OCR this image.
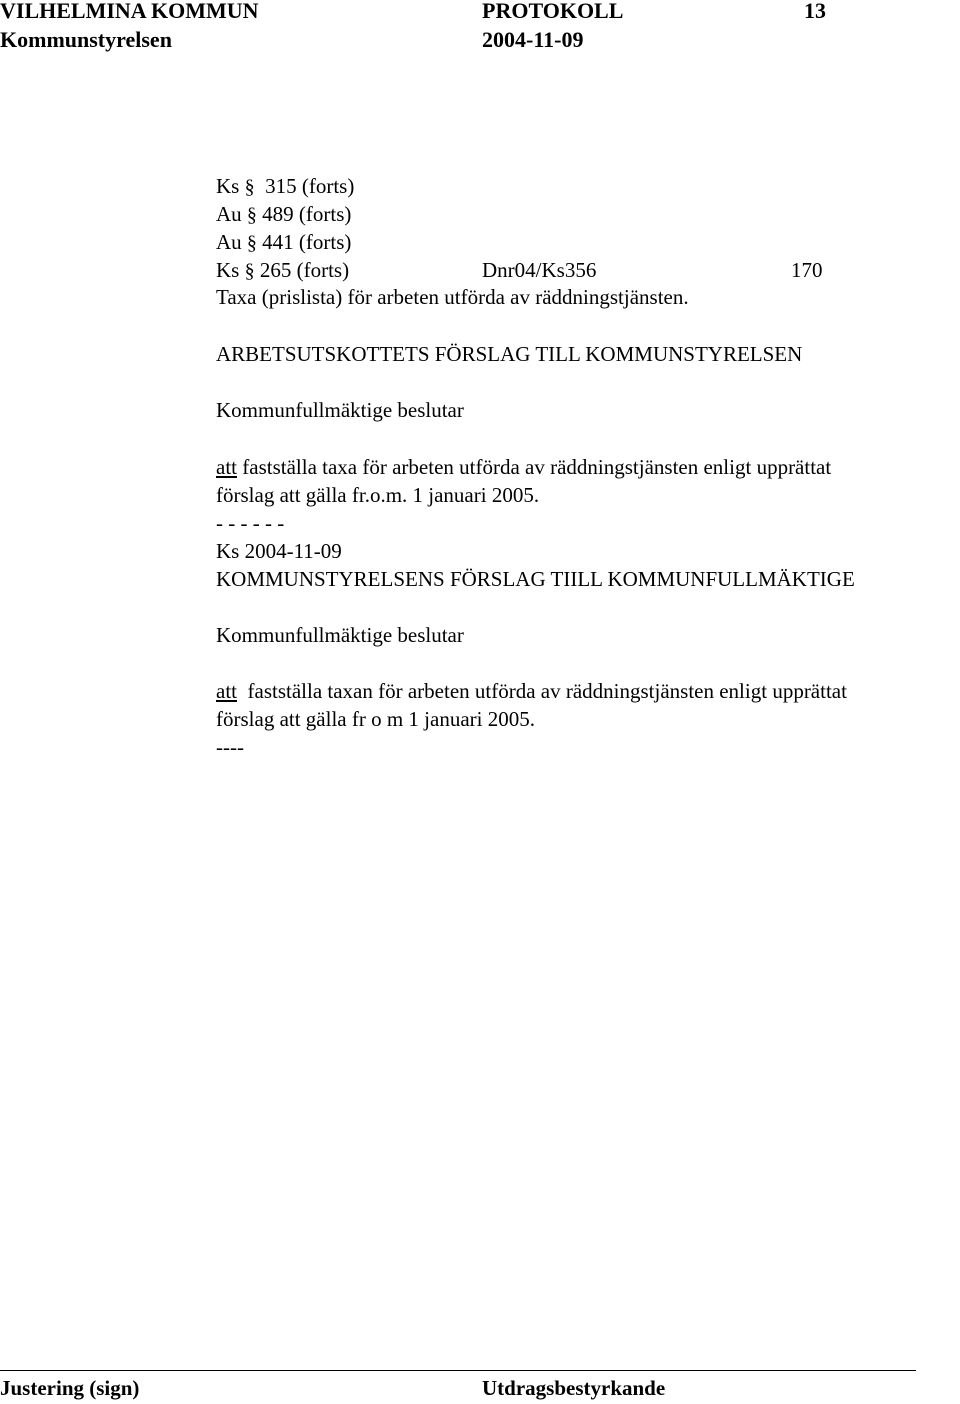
VILHELMINA KOMMUN	PROTOKOLL	13
Kommunstyrelsen	2004-11-09
Ks § 315 (forts)
Au § 489 (forts)
Au § 441 (forts)
Ks § 265 (forts)	Dnr04/Ks356	170
Taxa (prislista) för arbeten utförda av räddningstjänsten.
ARBETSUTSKOTTETS FÖRSLAG TILL KOMMUNSTYRELSEN
Kommunfullmäktige beslutar
att fastställa taxa för arbeten utförda av räddningstjänsten enligt upprättat
förslag att gälla fr.o.m. 1 januari 2005.
- - - - - -
Ks 2004-11-09
KOMMUNSTYRELSENS FÖRSLAG TIILL KOMMUNFULLMÄKTIGE
Kommunfullmäktige beslutar
att fastställa taxan för arbeten utförda av räddningstjänsten enligt upprättat
förslag att gälla fr o m 1 januari 2005.
----
Justering (sign)	Utdragsbestyrkande
